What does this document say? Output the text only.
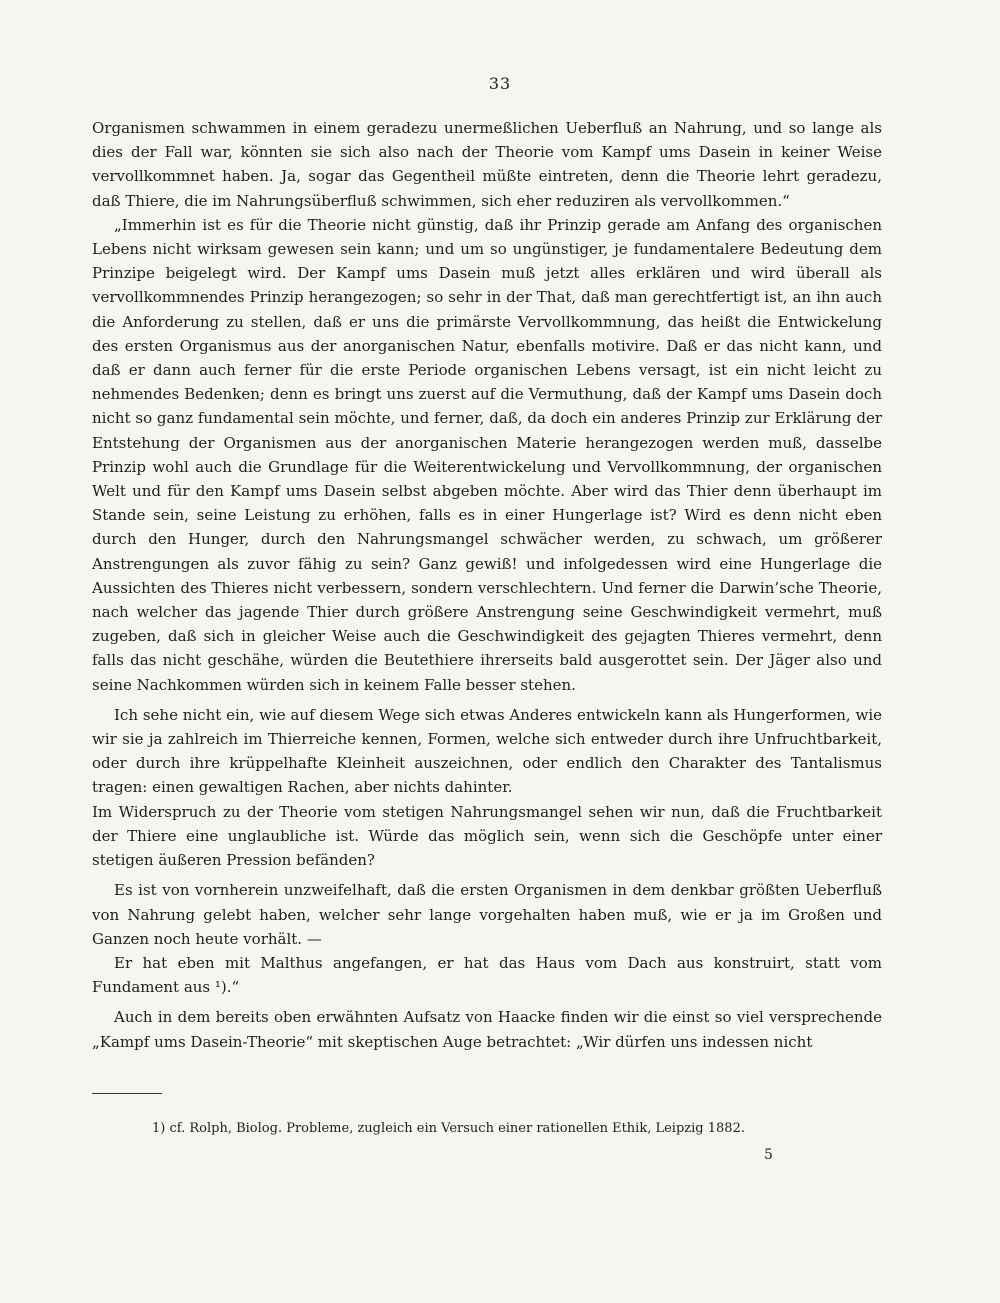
33

Organismen schwammen in einem geradezu unermeßlichen Ueberfluß an Nahrung, und so lange als dies der Fall war, könnten sie sich also nach der Theorie vom Kampf ums Dasein in keiner Weise vervollkommnet haben. Ja, sogar das Gegentheil müßte eintreten, denn die Theorie lehrt geradezu, daß Thiere, die im Nahrungsüberfluß schwimmen, sich eher reduziren als vervollkommen.“

„Immerhin ist es für die Theorie nicht günstig, daß ihr Prinzip gerade am Anfang des organischen Lebens nicht wirksam gewesen sein kann; und um so ungünstiger, je fundamentalere Bedeutung dem Prinzipe beigelegt wird. Der Kampf ums Dasein muß jetzt alles erklären und wird überall als vervollkommnendes Prinzip herangezogen; so sehr in der That, daß man gerechtfertigt ist, an ihn auch die Anforderung zu stellen, daß er uns die primärste Vervollkommnung, das heißt die Entwickelung des ersten Organismus aus der anorganischen Natur, ebenfalls motivire. Daß er das nicht kann, und daß er dann auch ferner für die erste Periode organischen Lebens versagt, ist ein nicht leicht zu nehmendes Bedenken; denn es bringt uns zuerst auf die Vermuthung, daß der Kampf ums Dasein doch nicht so ganz fundamental sein möchte, und ferner, daß, da doch ein anderes Prinzip zur Erklärung der Entstehung der Organismen aus der anorganischen Materie herangezogen werden muß, dasselbe Prinzip wohl auch die Grundlage für die Weiterentwickelung und Vervollkommnung, der organischen Welt und für den Kampf ums Dasein selbst abgeben möchte. Aber wird das Thier denn überhaupt im Stande sein, seine Leistung zu erhöhen, falls es in einer Hungerlage ist? Wird es denn nicht eben durch den Hunger, durch den Nahrungsmangel schwächer werden, zu schwach, um größerer Anstrengungen als zuvor fähig zu sein? Ganz gewiß! und infolgedessen wird eine Hungerlage die Aussichten des Thieres nicht verbessern, sondern verschlechtern. Und ferner die Darwin’sche Theorie, nach welcher das jagende Thier durch größere Anstrengung seine Geschwindigkeit vermehrt, muß zugeben, daß sich in gleicher Weise auch die Geschwindigkeit des gejagten Thieres vermehrt, denn falls das nicht geschähe, würden die Beutethiere ihrerseits bald ausgerottet sein. Der Jäger also und seine Nachkommen würden sich in keinem Falle besser stehen.

Ich sehe nicht ein, wie auf diesem Wege sich etwas Anderes entwickeln kann als Hungerformen, wie wir sie ja zahlreich im Thierreiche kennen, Formen, welche sich entweder durch ihre Unfruchtbarkeit, oder durch ihre krüppelhafte Kleinheit auszeichnen, oder endlich den Charakter des Tantalismus tragen: einen gewaltigen Rachen, aber nichts dahinter.

Im Widerspruch zu der Theorie vom stetigen Nahrungsmangel sehen wir nun, daß die Fruchtbarkeit der Thiere eine unglaubliche ist. Würde das möglich sein, wenn sich die Geschöpfe unter einer stetigen äußeren Pression befänden?

Es ist von vornherein unzweifelhaft, daß die ersten Organismen in dem denkbar größten Ueberfluß von Nahrung gelebt haben, welcher sehr lange vorgehalten haben muß, wie er ja im Großen und Ganzen noch heute vorhält. —

Er hat eben mit Malthus angefangen, er hat das Haus vom Dach aus konstruirt, statt vom Fundament aus ¹).“

Auch in dem bereits oben erwähnten Aufsatz von Haacke finden wir die einst so viel versprechende „Kampf ums Dasein-Theorie“ mit skeptischen Auge betrachtet: „Wir dürfen uns indessen nicht

1) cf. Rolph, Biolog. Probleme, zugleich ein Versuch einer rationellen Ethik, Leipzig 1882.
5
